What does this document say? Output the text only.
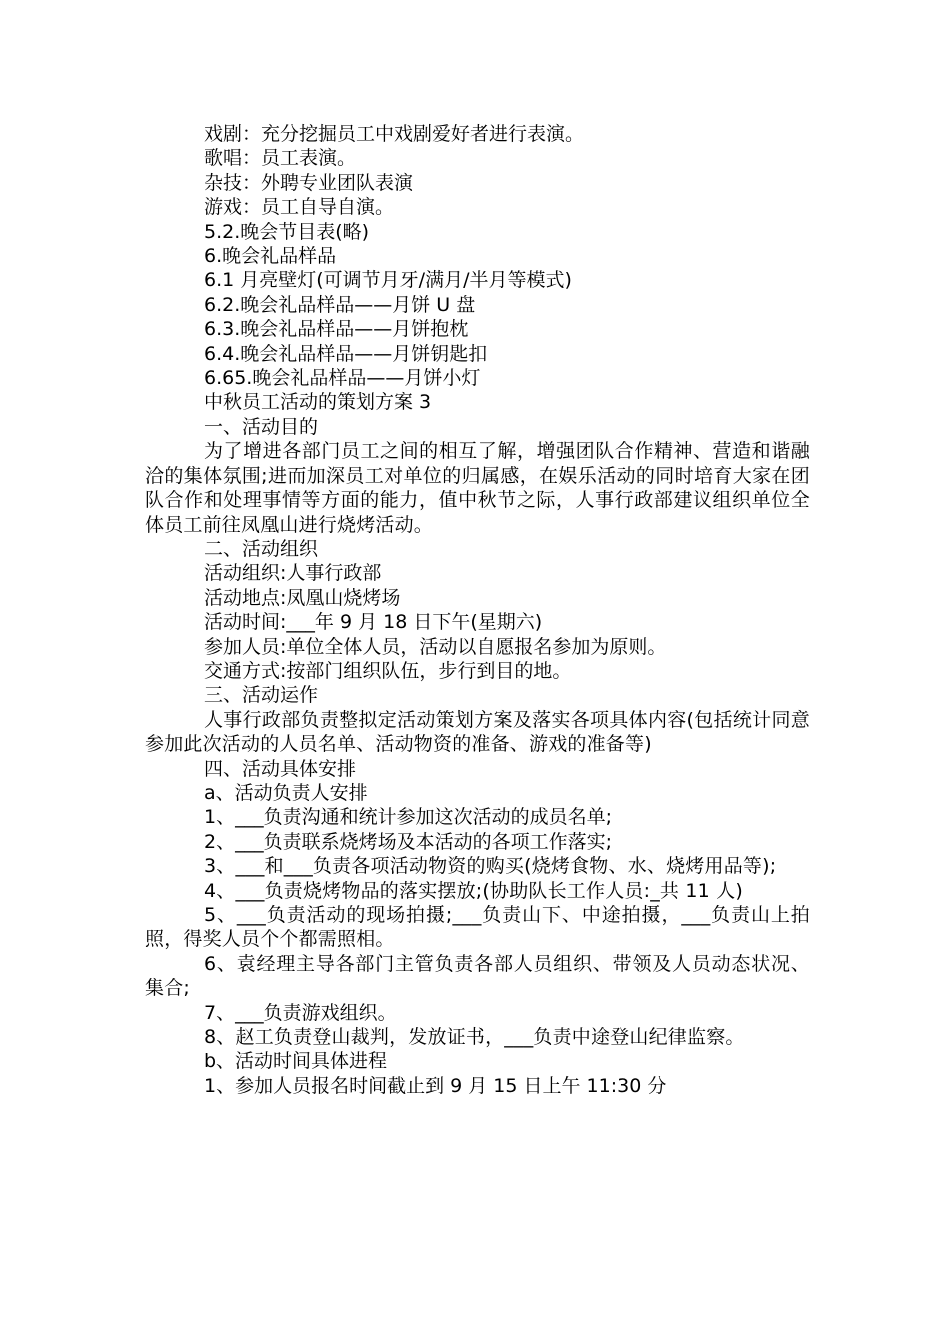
戏剧：充分挖掘员工中戏剧爱好者进行表演。

歌唱：员工表演。

杂技：外聘专业团队表演

游戏：员工自导自演。

5.2.晚会节目表(略)

6.晚会礼品样品

6.1 月亮壁灯(可调节月牙/满月/半月等模式)

6.2.晚会礼品样品——月饼 U 盘

6.3.晚会礼品样品——月饼抱枕

6.4.晚会礼品样品——月饼钥匙扣

6.65.晚会礼品样品——月饼小灯

中秋员工活动的策划方案 3

一、活动目的

为了增进各部门员工之间的相互了解，增强团队合作精神、营造和谐融洽的集体氛围;进而加深员工对单位的归属感，在娱乐活动的同时培育大家在团队合作和处理事情等方面的能力，值中秋节之际，人事行政部建议组织单位全体员工前往凤凰山进行烧烤活动。

二、活动组织

活动组织:人事行政部

活动地点:凤凰山烧烤场

活动时间:___年 9 月 18 日下午(星期六)

参加人员:单位全体人员，活动以自愿报名参加为原则。

交通方式:按部门组织队伍，步行到目的地。

三、活动运作

人事行政部负责整拟定活动策划方案及落实各项具体内容(包括统计同意参加此次活动的人员名单、活动物资的准备、游戏的准备等)

四、活动具体安排

a、活动负责人安排

1、___负责沟通和统计参加这次活动的成员名单;

2、___负责联系烧烤场及本活动的各项工作落实;

3、___和___负责各项活动物资的购买(烧烤食物、水、烧烤用品等);

4、___负责烧烤物品的落实摆放;(协助队长工作人员:_共 11 人)

5、___负责活动的现场拍摄;___负责山下、中途拍摄，___负责山上拍照，得奖人员个个都需照相。

6、袁经理主导各部门主管负责各部人员组织、带领及人员动态状况、集合;

7、___负责游戏组织。

8、赵工负责登山裁判，发放证书，___负责中途登山纪律监察。

b、活动时间具体进程

1、参加人员报名时间截止到 9 月 15 日上午 11:30 分
